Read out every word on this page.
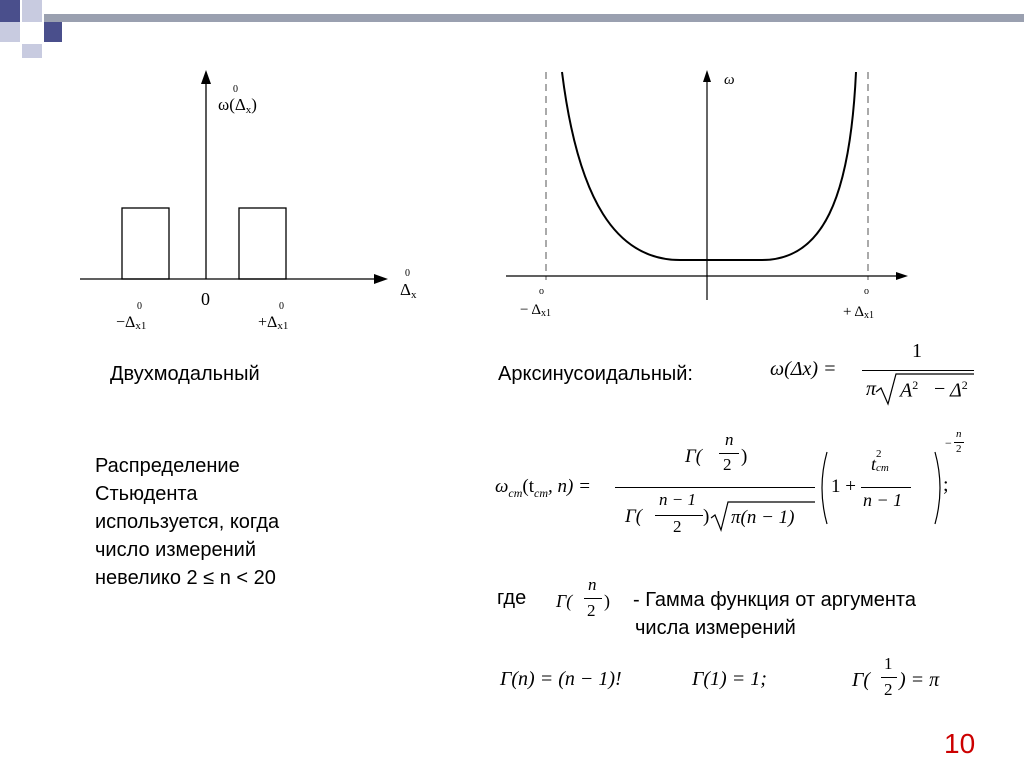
0
ω(Δx)
0
Δx
0
0
−Δx1
0
+Δx1
Двухмодальный
ω
o
− Δx1
o
+ Δx1
Арксинусоидальный:	ω(Δx) =
1
π $A^2 - \Delta^2$
Распределение
Стьюдента
используется, когда
число измерений
невелико 2 ≤ n < 20
$\omega_{ст}(t_{ст}$, n) =
Γ(
n
2 )
Γ(
n − 1
2 ) π(n − 1)
1 +
t 2
ст
n − 1
−
n
2
;
где Γ(
n
2 ) - Гамма функция от аргумента
числа измерений
Γ(n) = (n − 1)!	Γ(1) = 1;	Γ(
1
2 ) = π
10
